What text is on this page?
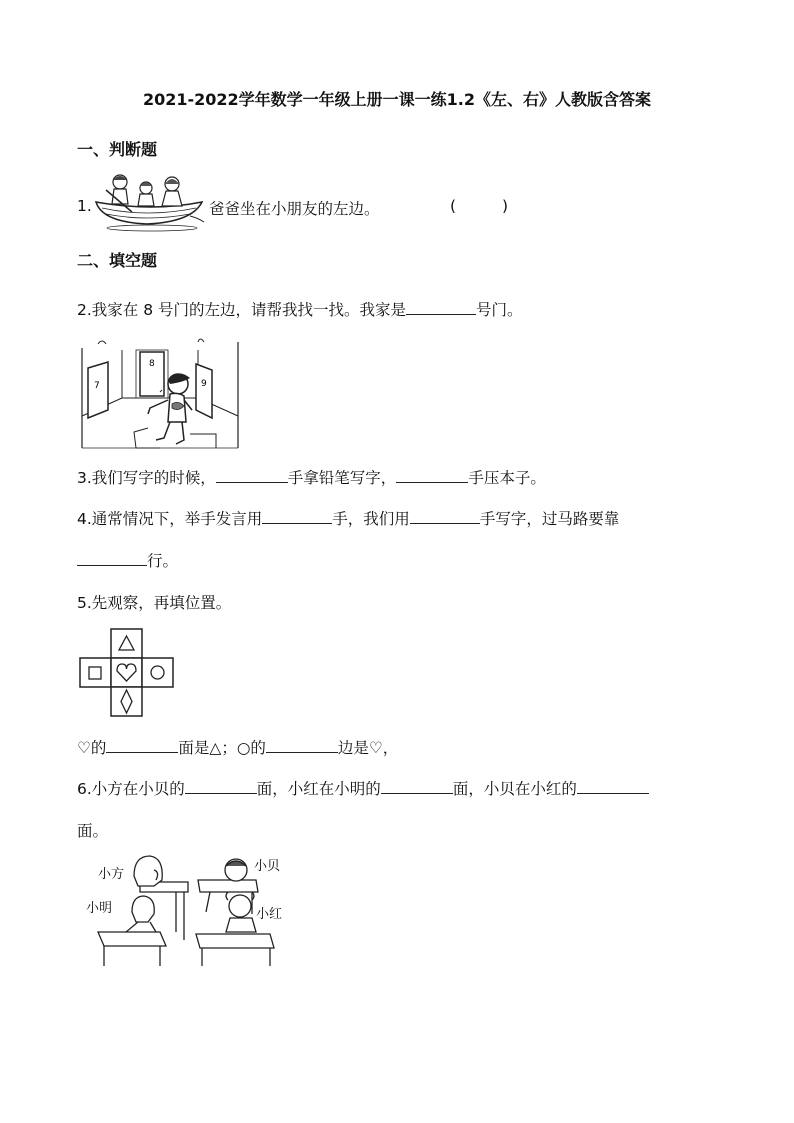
2021-2022学年数学一年级上册一课一练1.2《左、右》人教版含答案
一、判断题
1.	爸爸坐在小朋友的左边。	(	)
二、填空题
2.我家在 8 号门的左边，请帮我找一找。我家是	号门。
7
8
9
3.我们写字的时候，	手拿铅笔写字，	手压本子。
4.通常情况下，举手发言用	手，我们用	手写字，过马路要靠
行。
5.先观察，再填位置。
♡的	面是△；○的	边是♡，
6.小方在小贝的	面，小红在小明的	面，小贝在小红的
面。
小方
小明
小贝
小红
